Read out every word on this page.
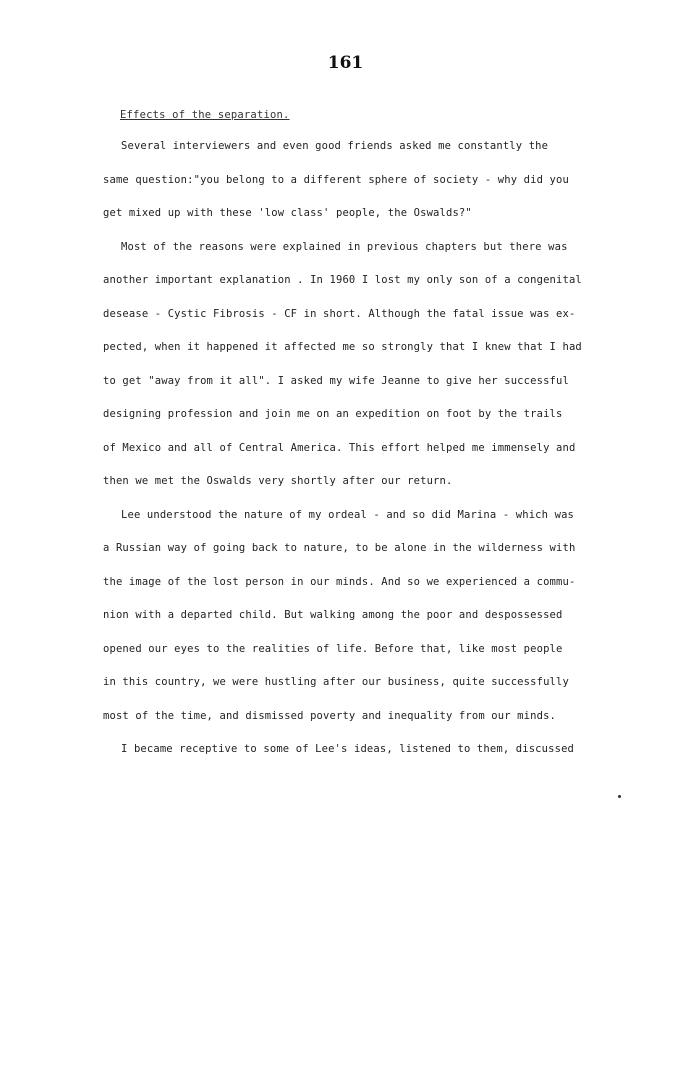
161
Effects of the separation.
Several interviewers and even good friends asked me constantly the
same question:"you belong to a different sphere of society - why did you
get mixed up with these 'low class' people, the Oswalds?"
Most of the reasons were explained in previous chapters but there was
another important explanation . In 1960 I lost my only son of a congenital
desease - Cystic Fibrosis - CF in short. Although the fatal issue was ex-
pected, when it happened it affected me so strongly that I knew that I had
to get "away from it all". I asked my wife Jeanne to give her successful
designing profession and join me on an expedition on foot by the trails
of Mexico and all of Central America. This effort helped me immensely and
then we met the Oswalds very shortly after our return.
Lee understood the nature of my ordeal - and so did Marina - which was
a Russian way of going back to nature, to be alone in the wilderness with
the image of the lost person in our minds. And so we experienced a commu-
nion with a departed child. But walking among the poor and despossessed
opened our eyes to the realities of life. Before that, like most people
in this country, we were hustling after our business, quite successfully
most of the time, and dismissed poverty and inequality from our minds.
I became receptive to some of Lee's ideas, listened to them, discussed
